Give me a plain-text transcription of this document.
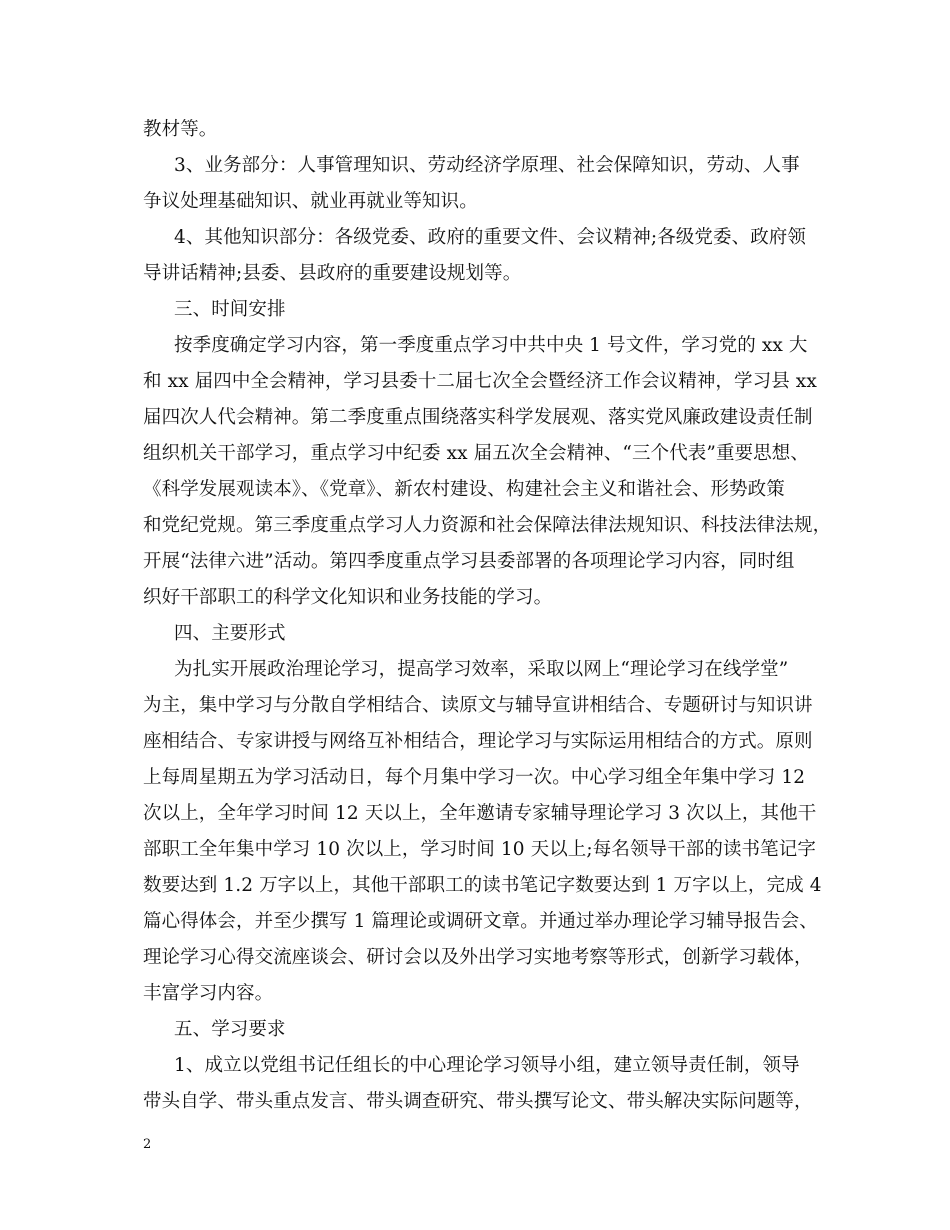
教材等。
3、业务部分：人事管理知识、劳动经济学原理、社会保障知识，劳动、人事
争议处理基础知识、就业再就业等知识。
4、其他知识部分：各级党委、政府的重要文件、会议精神;各级党委、政府领
导讲话精神;县委、县政府的重要建设规划等。
三、时间安排
按季度确定学习内容，第一季度重点学习中共中央 1 号文件，学习党的 xx 大
和 xx 届四中全会精神，学习县委十二届七次全会暨经济工作会议精神，学习县 xx
届四次人代会精神。第二季度重点围绕落实科学发展观、落实党风廉政建设责任制
组织机关干部学习，重点学习中纪委 xx 届五次全会精神、“三个代表”重要思想、
《科学发展观读本》、《党章》、新农村建设、构建社会主义和谐社会、形势政策
和党纪党规。第三季度重点学习人力资源和社会保障法律法规知识、科技法律法规，
开展“法律六进”活动。第四季度重点学习县委部署的各项理论学习内容，同时组
织好干部职工的科学文化知识和业务技能的学习。
四、主要形式
为扎实开展政治理论学习，提高学习效率，采取以网上“理论学习在线学堂”
为主，集中学习与分散自学相结合、读原文与辅导宣讲相结合、专题研讨与知识讲
座相结合、专家讲授与网络互补相结合，理论学习与实际运用相结合的方式。原则
上每周星期五为学习活动日，每个月集中学习一次。中心学习组全年集中学习 12
次以上，全年学习时间 12 天以上，全年邀请专家辅导理论学习 3 次以上，其他干
部职工全年集中学习 10 次以上，学习时间 10 天以上;每名领导干部的读书笔记字
数要达到 1.2 万字以上，其他干部职工的读书笔记字数要达到 1 万字以上，完成 4
篇心得体会，并至少撰写 1 篇理论或调研文章。并通过举办理论学习辅导报告会、
理论学习心得交流座谈会、研讨会以及外出学习实地考察等形式，创新学习载体，
丰富学习内容。
五、学习要求
1、成立以党组书记任组长的中心理论学习领导小组，建立领导责任制，领导
带头自学、带头重点发言、带头调查研究、带头撰写论文、带头解决实际问题等，
2
